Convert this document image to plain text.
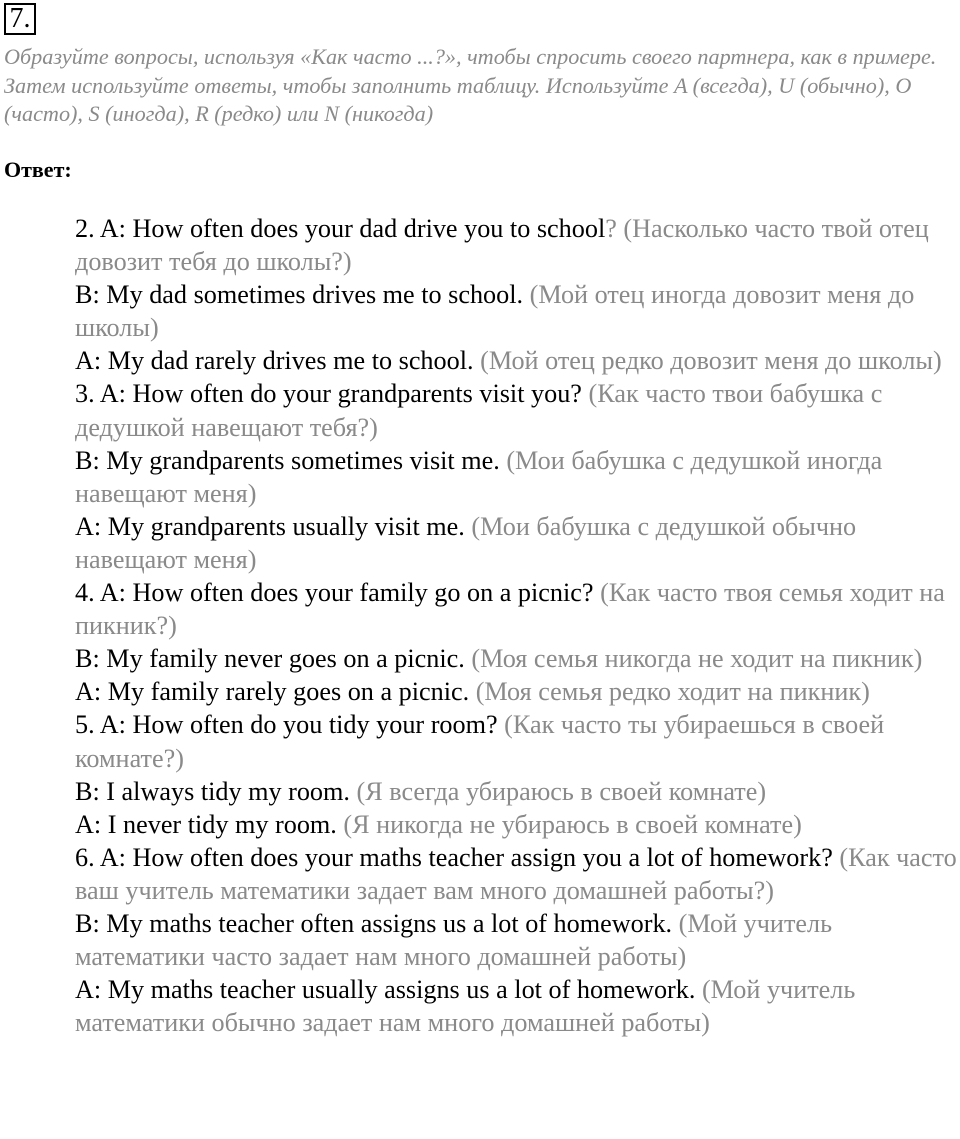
7.

Образуйте вопросы, используя «Как часто ...?», чтобы спросить своего партнера, как в примере. Затем используйте ответы, чтобы заполнить таблицу. Используйте A (всегда), U (обычно), O (часто), S (иногда), R (редко) или N (никогда)

Ответ:

2. A: How often does your dad drive you to school? (Насколько часто твой отец довозит тебя до школы?)

B: My dad sometimes drives me to school. (Мой отец иногда довозит меня до школы)

A: My dad rarely drives me to school. (Мой отец редко довозит меня до школы)

3. A: How often do your grandparents visit you? (Как часто твои бабушка с дедушкой навещают тебя?)

B: My grandparents sometimes visit me. (Мои бабушка с дедушкой иногда навещают меня)

A: My grandparents usually visit me. (Мои бабушка с дедушкой обычно навещают меня)

4. A: How often does your family go on a picnic? (Как часто твоя семья ходит на пикник?)

B: My family never goes on a picnic. (Моя семья никогда не ходит на пикник)

A: My family rarely goes on a picnic. (Моя семья редко ходит на пикник)

5. A: How often do you tidy your room? (Как часто ты убираешься в своей комнате?)

B: I always tidy my room. (Я всегда убираюсь в своей комнате)

A: I never tidy my room. (Я никогда не убираюсь в своей комнате)

6. A: How often does your maths teacher assign you a lot of homework? (Как часто ваш учитель математики задает вам много домашней работы?)

B: My maths teacher often assigns us a lot of homework. (Мой учитель математики часто задает нам много домашней работы)

A: My maths teacher usually assigns us a lot of homework. (Мой учитель математики обычно задает нам много домашней работы)
